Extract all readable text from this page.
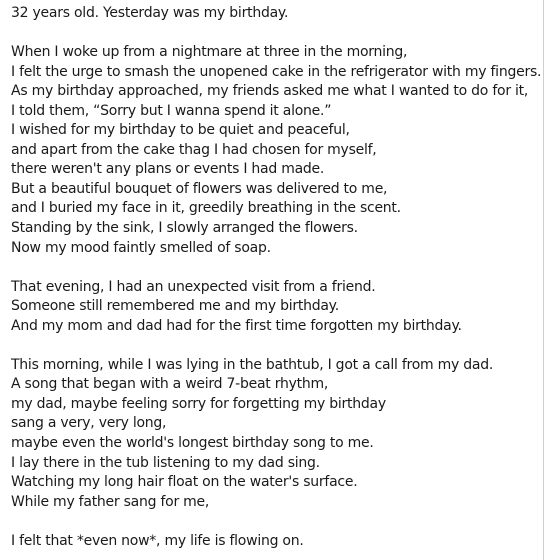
32 years old. Yesterday was my birthday.
When I woke up from a nightmare at three in the morning,
I felt the urge to smash the unopened cake in the refrigerator with my fingers.
As my birthday approached, my friends asked me what I wanted to do for it,
I told them, “Sorry but I wanna spend it alone.”
I wished for my birthday to be quiet and peaceful,
and apart from the cake thag I had chosen for myself,
there weren't any plans or events I had made.
But a beautiful bouquet of flowers was delivered to me,
and I buried my face in it, greedily breathing in the scent.
Standing by the sink, I slowly arranged the flowers.
Now my mood faintly smelled of soap.
That evening, I had an unexpected visit from a friend.
Someone still remembered me and my birthday.
And my mom and dad had for the first time forgotten my birthday.
This morning, while I was lying in the bathtub, I got a call from my dad.
A song that began with a weird 7-beat rhythm,
my dad, maybe feeling sorry for forgetting my birthday
sang a very, very long,
maybe even the world's longest birthday song to me.
I lay there in the tub listening to my dad sing.
Watching my long hair float on the water's surface.
While my father sang for me,
I felt that *even now*, my life is flowing on.
